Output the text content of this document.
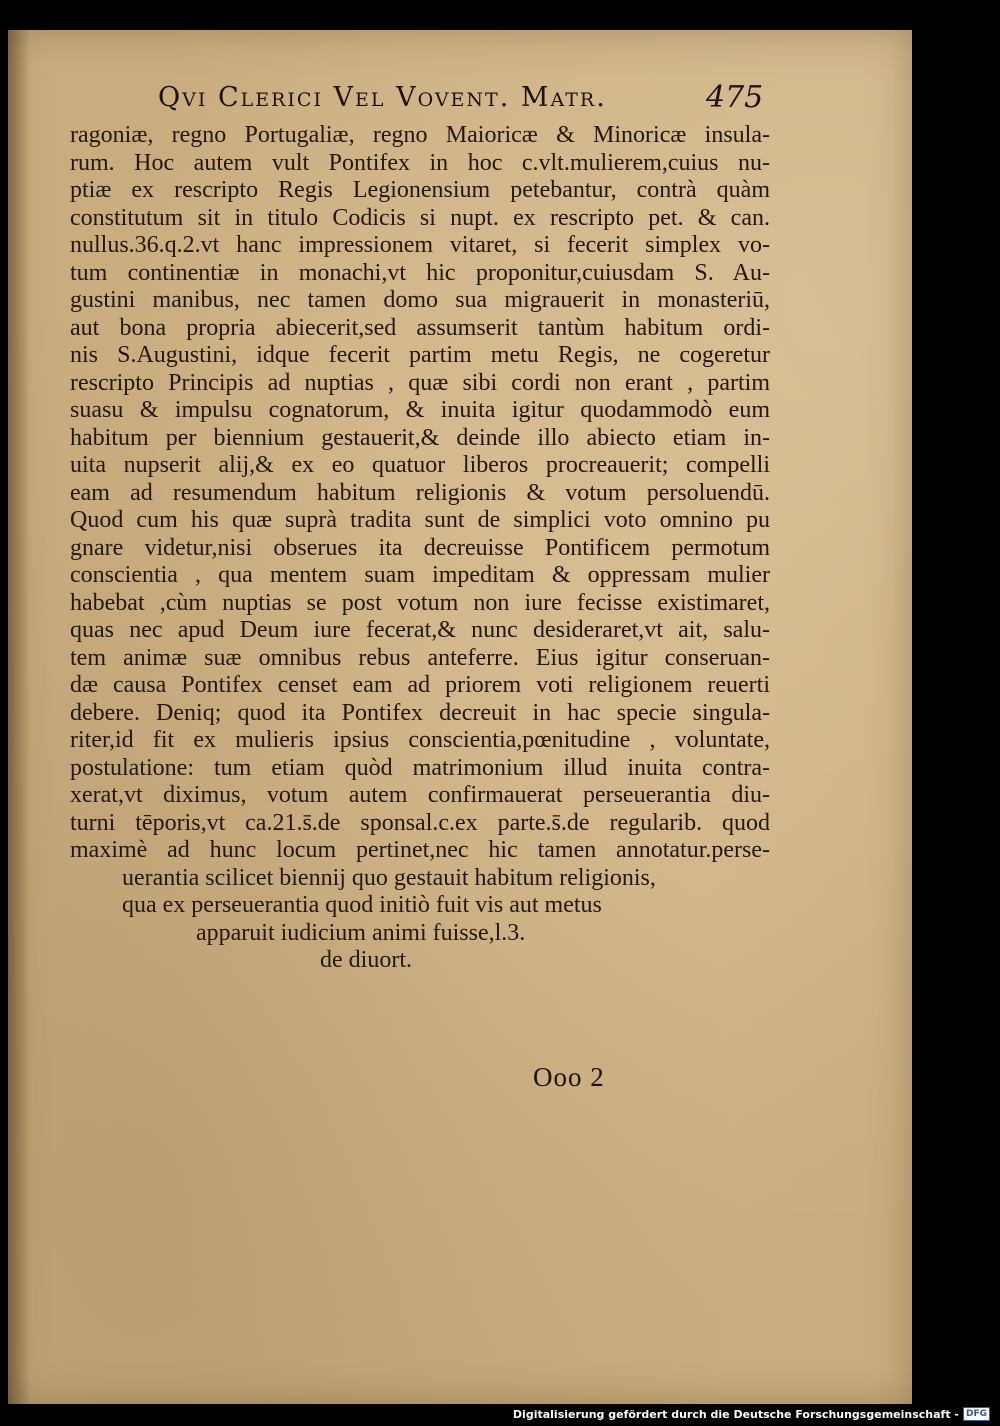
Qvi Clerici Vel Vovent. Matr.	475
ragoniæ, regno Portugaliæ, regno Maioricæ & Minoricæ insula-
rum. Hoc autem vult Pontifex in hoc c.vlt.mulierem,cuius nu-
ptiæ ex rescripto Regis Legionensium petebantur, contrà quàm
constitutum sit in titulo Codicis si nupt. ex rescripto pet. & can.
nullus.36.q.2.vt hanc impressionem vitaret, si fecerit simplex vo-
tum continentiæ in monachi,vt hic proponitur,cuiusdam S. Au-
gustini manibus, nec tamen domo sua migrauerit in monasteriū,
aut bona propria abiecerit,sed assumserit tantùm habitum ordi-
nis S.Augustini, idque fecerit partim metu Regis, ne cogeretur
rescripto Principis ad nuptias , quæ sibi cordi non erant , partim
suasu & impulsu cognatorum, & inuita igitur quodammodò eum
habitum per biennium gestauerit,& deinde illo abiecto etiam in-
uita nupserit alij,& ex eo quatuor liberos procreauerit; compelli
eam ad resumendum habitum religionis & votum persoluendū.
Quod cum his quæ suprà tradita sunt de simplici voto omnino pu
gnare videtur,nisi obserues ita decreuisse Pontificem permotum
conscientia , qua mentem suam impeditam & oppressam mulier
habebat ,cùm nuptias se post votum non iure fecisse existimaret,
quas nec apud Deum iure fecerat,& nunc desideraret,vt ait, salu-
tem animæ suæ omnibus rebus anteferre. Eius igitur conseruan-
dæ causa Pontifex censet eam ad priorem voti religionem reuerti
debere. Deniq; quod ita Pontifex decreuit in hac specie singula-
riter,id fit ex mulieris ipsius conscientia,pœnitudine , voluntate,
postulatione: tum etiam quòd matrimonium illud inuita contra-
xerat,vt diximus, votum autem confirmauerat perseuerantia diu-
turni tēporis,vt ca.21.s̄.de sponsal.c.ex parte.s̄.de regularib. quod
maximè ad hunc locum pertinet,nec hic tamen annotatur.perse-
uerantia scilicet biennij quo gestauit habitum religionis,
qua ex perseuerantia quod initiò fuit vis aut metus
apparuit iudicium animi fuisse,l.3.
de diuort.
Ooo 2
Digitalisierung gefördert durch die Deutsche Forschungsgemeinschaft - DFG
